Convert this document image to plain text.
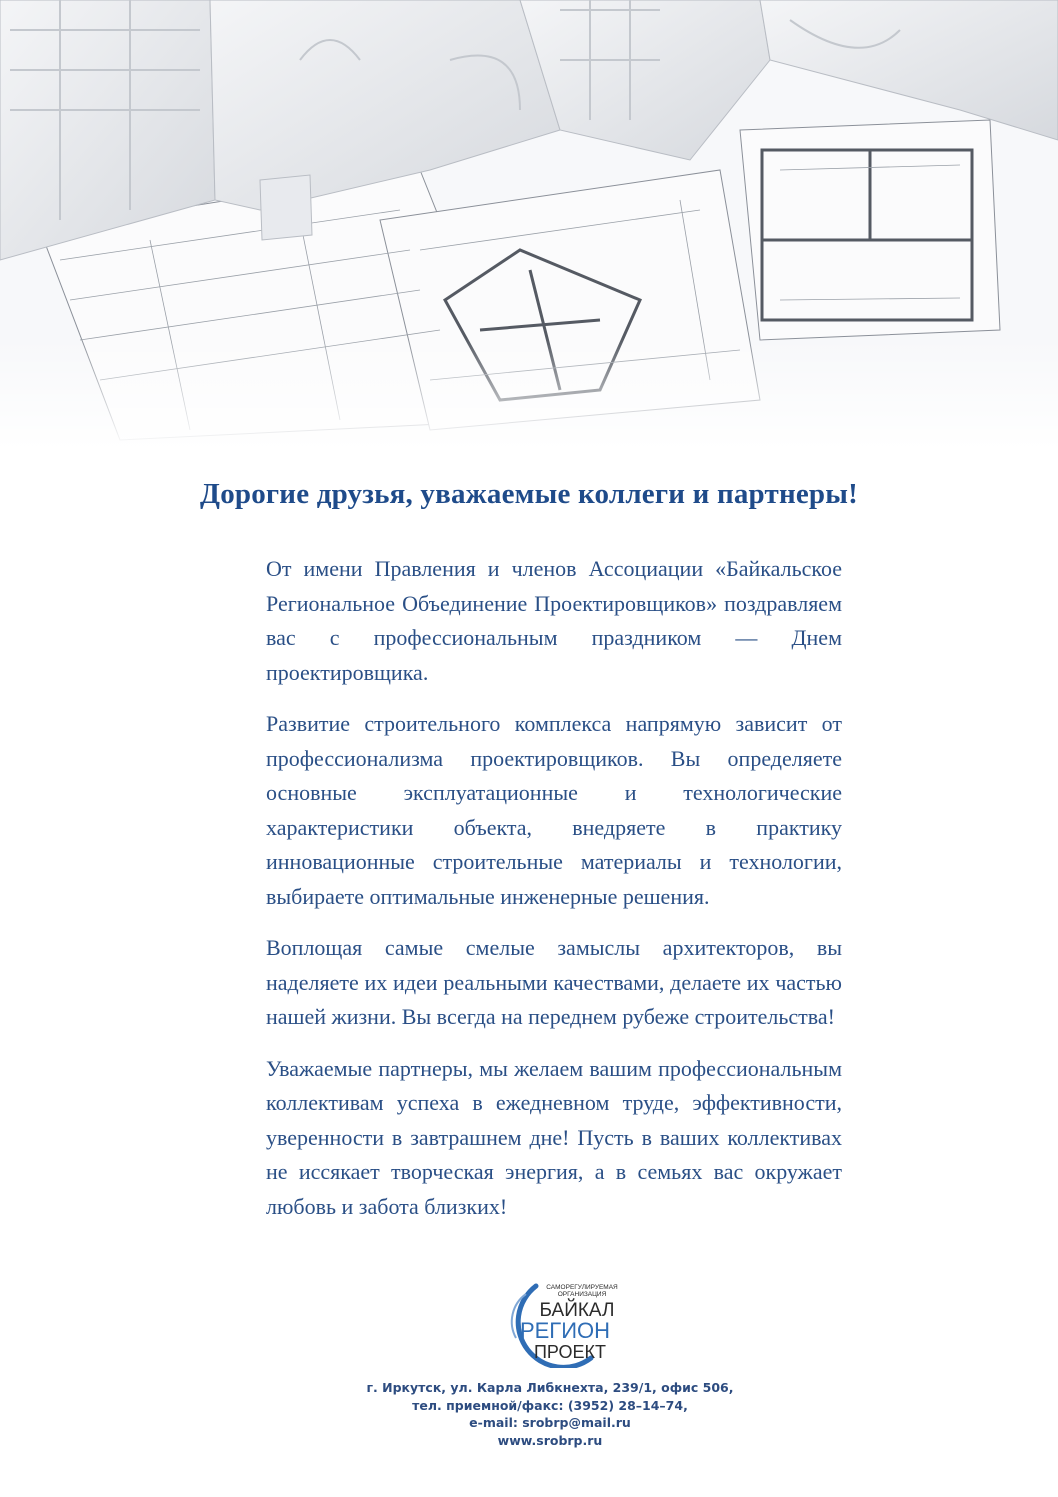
Дорогие друзья, уважаемые коллеги и партнеры!

От имени Правления и членов Ассоциации «Байкальское Региональное Объединение Проектировщиков» поздравляем вас с профессиональным праздником — Днем проектировщика.

Развитие строительного комплекса напрямую зависит от профессионализма проектировщиков. Вы определяете основные эксплуатационные и технологические характеристики объекта, внедряете в практику инновационные строительные материалы и технологии, выбираете оптимальные инженерные решения.

Воплощая самые смелые замыслы архитекторов, вы наделяете их идеи реальными качествами, делаете их частью нашей жизни. Вы всегда на переднем рубеже строительства!

Уважаемые партнеры, мы желаем вашим профессиональным коллективам успеха в ежедневном труде, эффективности, уверенности в завтрашнем дне! Пусть в ваших коллективах не иссякает творческая энергия, а в семьях вас окружает любовь и забота близких!

САМОРЕГУЛИРУЕМАЯ
ОРГАНИЗАЦИЯ
БАЙКАЛ
РЕГИОН
ПРОЕКТ
г. Иркутск, ул. Карла Либкнехта, 239/1, офис 506,
тел. приемной/факс: (3952) 28–14–74,
e-mail: srobrp@mail.ru
www.srobrp.ru
